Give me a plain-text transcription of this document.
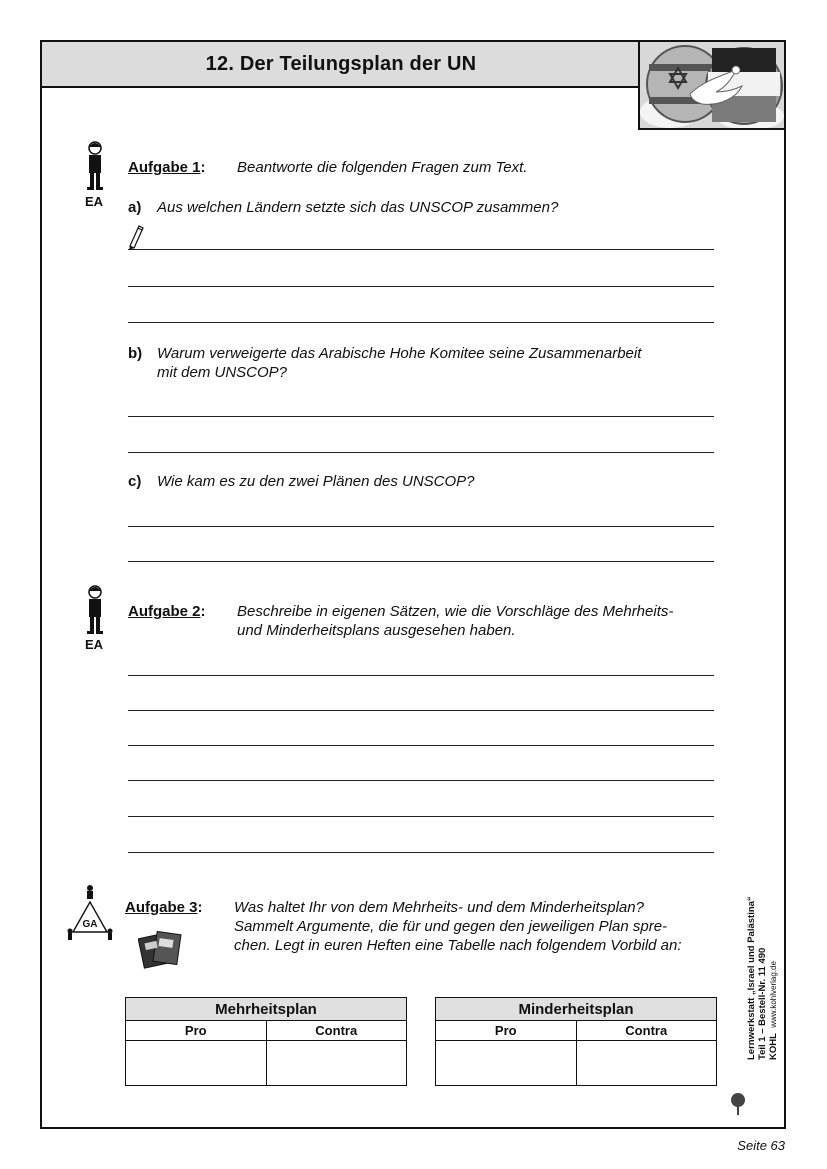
12. Der Teilungsplan der UN
EA
Aufgabe 1: Beantworte die folgenden Fragen zum Text.
a) Aus welchen Ländern setzte sich das UNSCOP zusammen?
b) Warum verweigerte das Arabische Hohe Komitee seine Zusammenarbeit
mit dem UNSCOP?
c) Wie kam es zu den zwei Plänen des UNSCOP?
EA
Aufgabe 2: Beschreibe in eigenen Sätzen, wie die Vorschläge des Mehrheits-
und Minderheitsplans ausgesehen haben.
GA
Aufgabe 3: Was haltet Ihr von dem Mehrheits- und dem Minderheitsplan?
Sammelt Argumente, die für und gegen den jeweiligen Plan spre-
chen. Legt in euren Heften eine Tabelle nach folgendem Vorbild an:
Mehrheitsplan	
Pro	Contra

Minderheitsplan	
Pro	Contra
		Lernwerkstatt „Israel und Palästina“ Teil 1 – Bestell-Nr. 11 490 KOHL  www.kohlverlag.de
Seite 63
